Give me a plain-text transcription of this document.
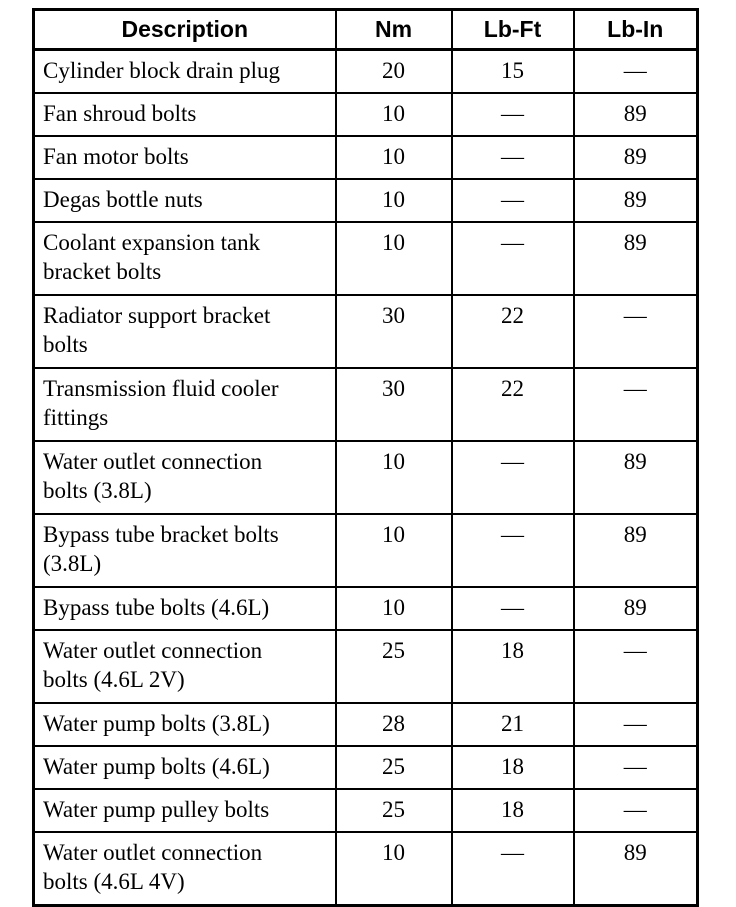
Description	Nm	Lb-Ft	Lb-In

Cylinder block drain plug	20	15	—

Fan shroud bolts	10	—	89

Fan motor bolts	10	—	89

Degas bottle nuts	10	—	89

Coolant expansion tank
bracket bolts	10	—	89

Radiator support bracket
bolts	30	22	—

Transmission fluid cooler
fittings	30	22	—

Water outlet connection
bolts (3.8L)	10	—	89

Bypass tube bracket bolts
(3.8L)	10	—	89

Bypass tube bolts (4.6L)	10	—	89

Water outlet connection
bolts (4.6L 2V)	25	18	—

Water pump bolts (3.8L)	28	21	—

Water pump bolts (4.6L)	25	18	—

Water pump pulley bolts	25	18	—

Water outlet connection
bolts (4.6L 4V)	10	—	89
